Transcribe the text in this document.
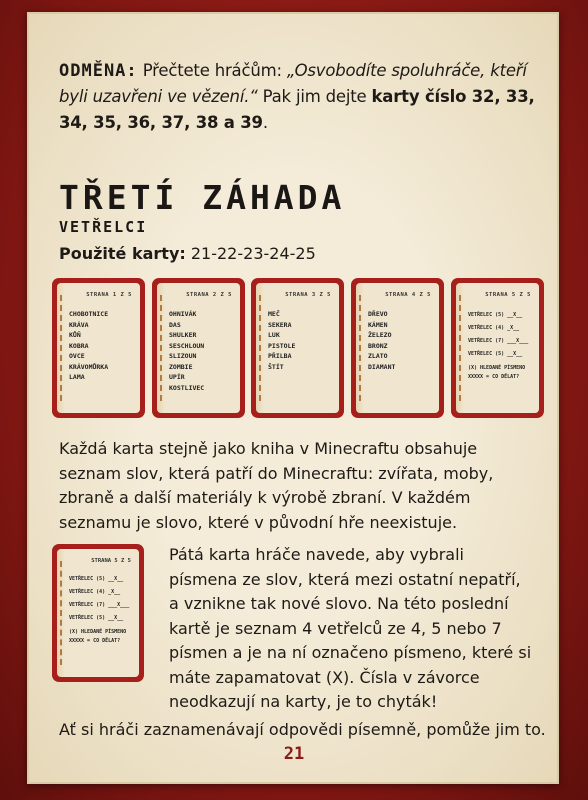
ODMĚNA: Přečtete hráčům: „Osvobodíte spoluhráče, kteří byli uzavřeni ve vězení.“ Pak jim dejte karty číslo 32, 33, 34, 35, 36, 37, 38 a 39.
TŘETÍ ZÁHADA
VETŘELCI
Použité karty: 21-22-23-24-25
STRANA 1 Z 5
CHOBOTNICE
KRÁVA
KŮŇ
KOBRA
OVCE
KRÁVOMŮRKA
LAMA
STRANA 2 Z 5
OHNIVÁK
DAS
SHULKER
SESCHLOUN
SLIZOUN
ZOMBIE
UPÍR
KOSTLIVEC
STRANA 3 Z 5
MEČ
SEKERA
LUK
PISTOLE
PŘILBA
ŠTÍT
STRANA 4 Z 5
DŘEVO
KÁMEN
ŽELEZO
BRONZ
ZLATO
DIAMANT
STRANA 5 Z 5
VETŘELEC (5) __X__
VETŘELEC (4) _X__
VETŘELEC (7) ___X___
VETŘELEC (5) __X__
(X) HLEDANÉ PÍSMENO
XXXXX = CO DĚLAT?
Každá karta stejně jako kniha v Minecraftu obsahuje seznam slov, která patří do Minecraftu: zvířata, moby, zbraně a další materiály k výrobě zbraní. V každém seznamu je slovo, které v původní hře neexistuje.
STRANA 5 Z 5
VETŘELEC (5) __X__
VETŘELEC (4) _X__
VETŘELEC (7) ___X___
VETŘELEC (5) __X__
(X) HLEDANÉ PÍSMENO
XXXXX = CO DĚLAT?
Pátá karta hráče navede, aby vybrali písmena ze slov, která mezi ostatní nepatří, a vznikne tak nové slovo. Na této poslední kartě je seznam 4 vetřelců ze 4, 5 nebo 7 písmen a je na ní označeno písmeno, které si máte zapamatovat (X). Čísla v závorce neodkazují na karty, je to chyták!
Ať si hráči zaznamenávají odpovědi písemně, pomůže jim to.
21
